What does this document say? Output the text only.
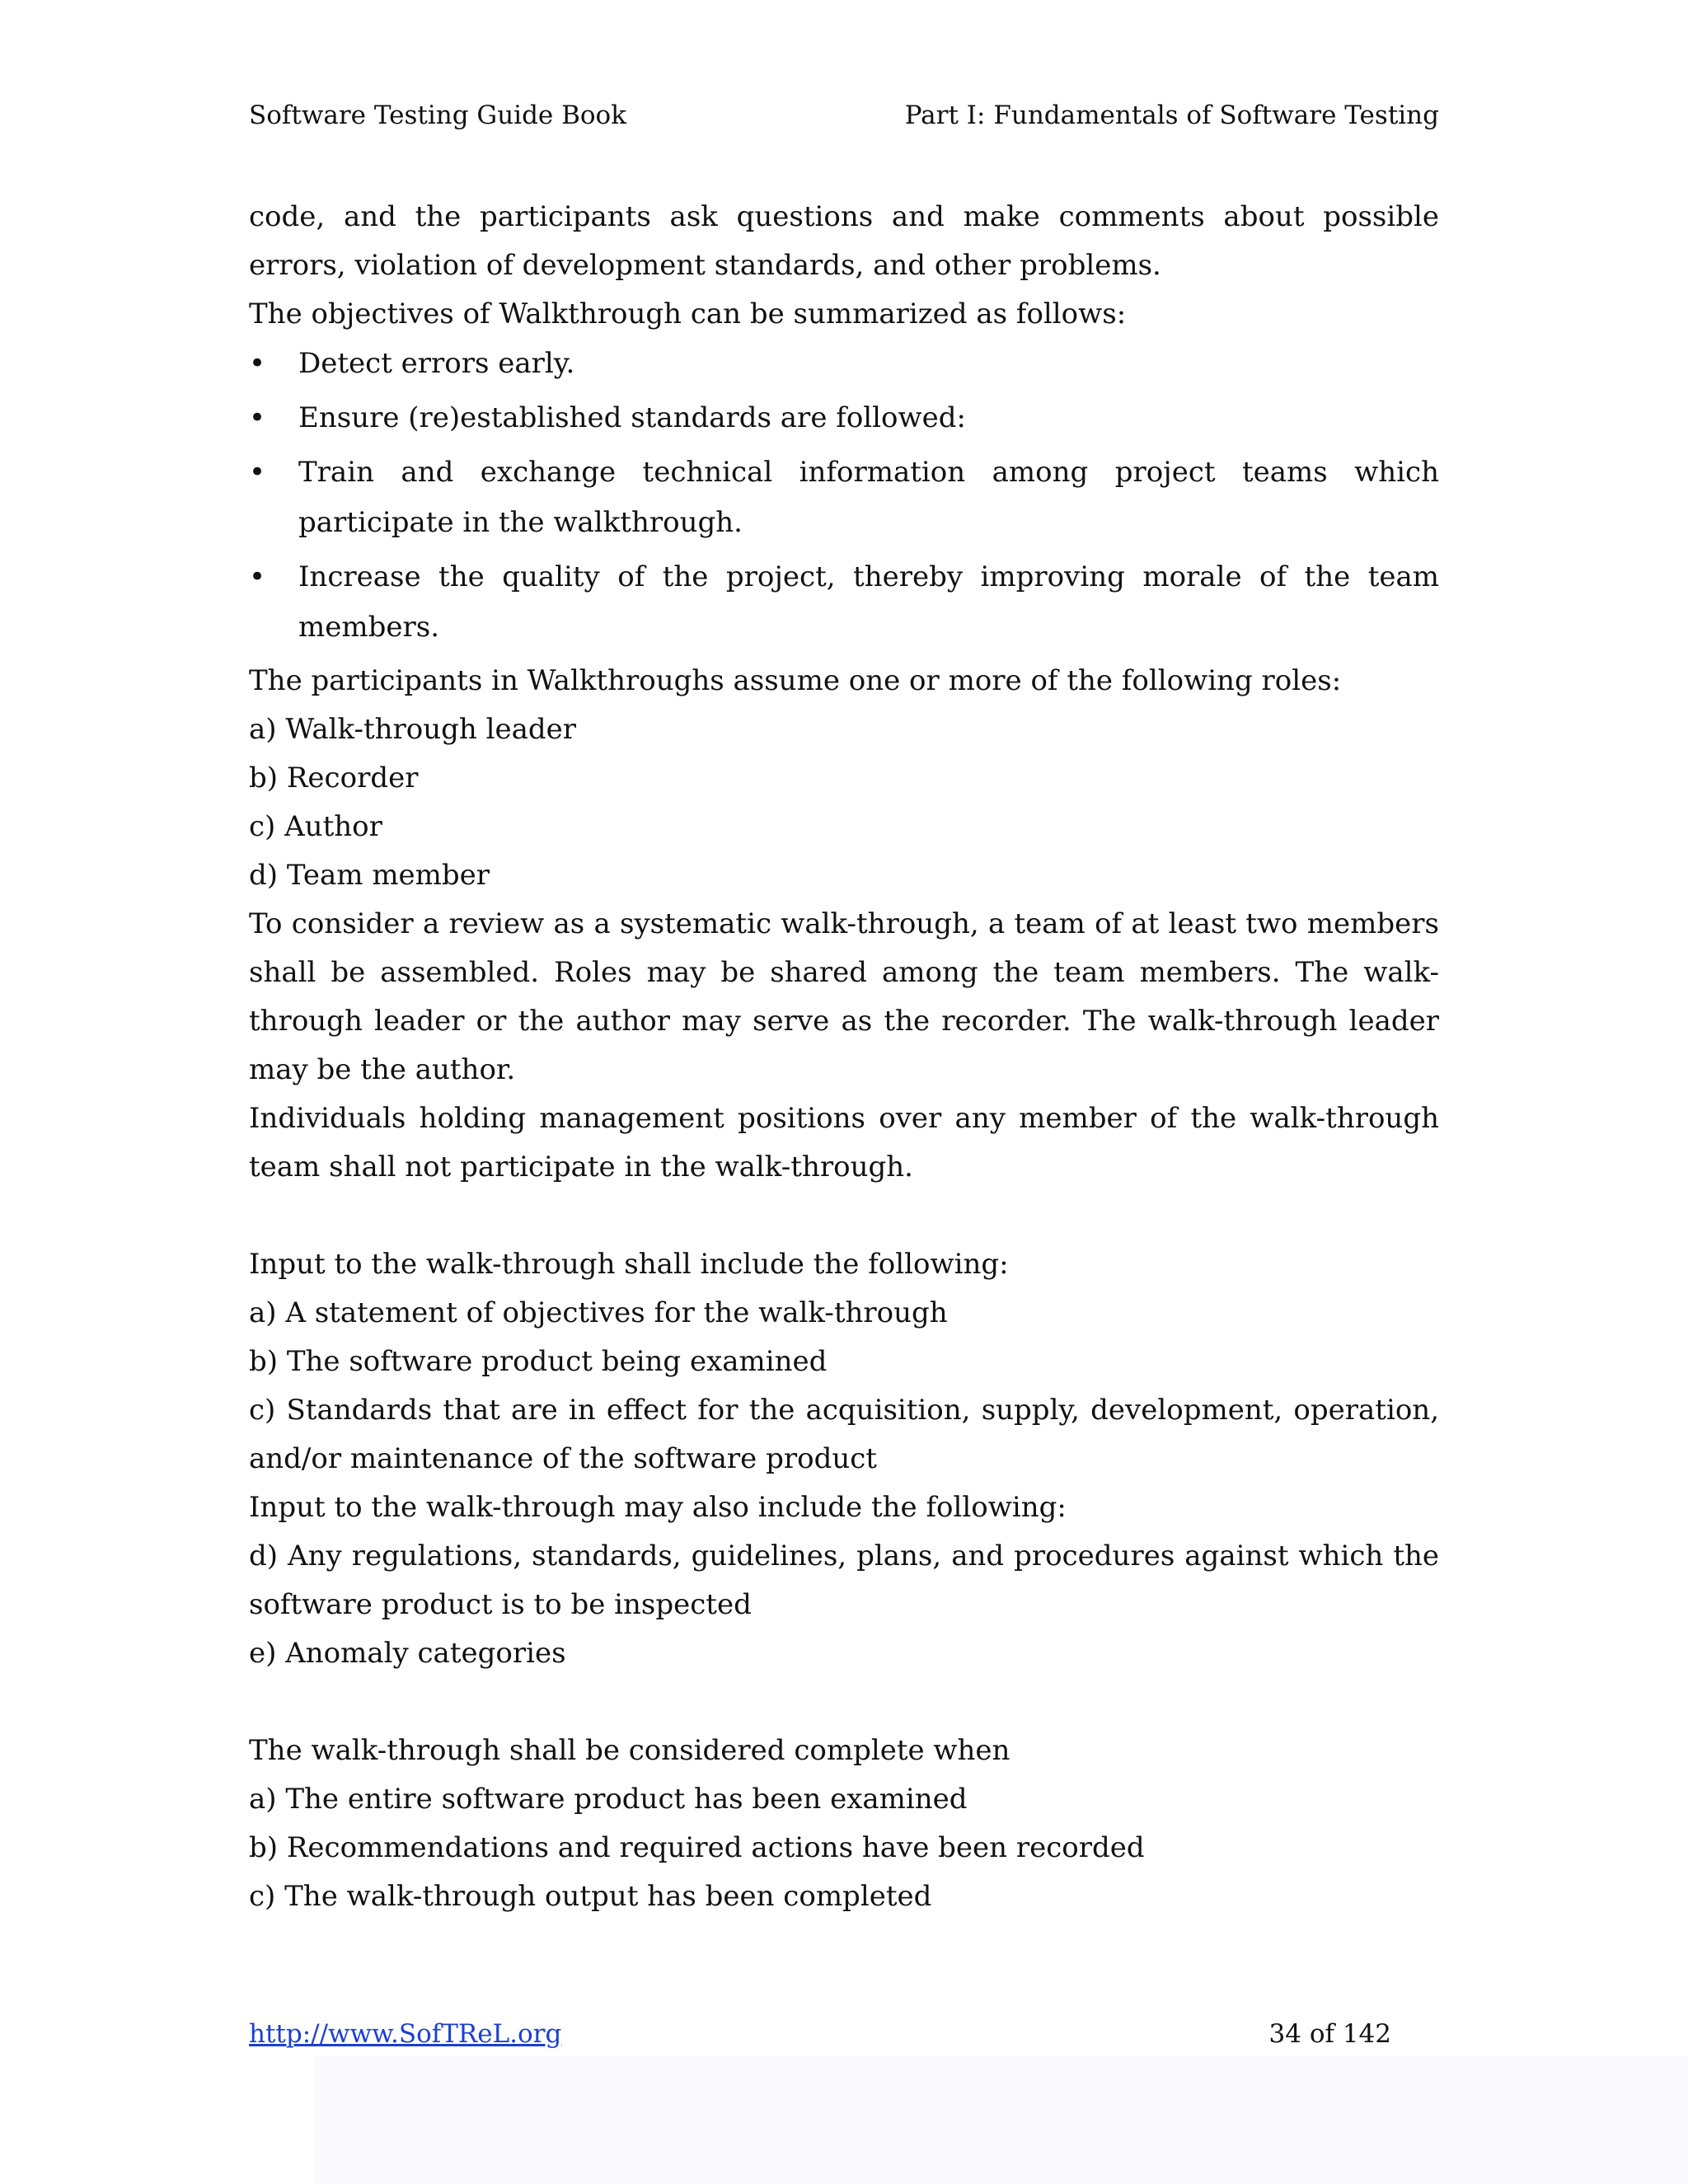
Software Testing Guide Book	Part I: Fundamentals of Software Testing

code, and the participants ask questions and make comments about possible errors, violation of development standards, and other problems.

The objectives of Walkthrough can be summarized as follows:

• Detect errors early.
• Ensure (re)established standards are followed:
• Train and exchange technical information among project teams which participate in the walkthrough.
• Increase the quality of the project, thereby improving morale of the team members.

The participants in Walkthroughs assume one or more of the following roles:

a) Walk-through leader

b) Recorder

c) Author

d) Team member

To consider a review as a systematic walk-through, a team of at least two members shall be assembled. Roles may be shared among the team members. The walk-through leader or the author may serve as the recorder. The walk-through leader may be the author.

Individuals holding management positions over any member of the walk-through team shall not participate in the walk-through.

Input to the walk-through shall include the following:

a) A statement of objectives for the walk-through

b) The software product being examined

c) Standards that are in effect for the acquisition, supply, development, operation, and/or maintenance of the software product

Input to the walk-through may also include the following:

d) Any regulations, standards, guidelines, plans, and procedures against which the software product is to be inspected

e) Anomaly categories

The walk-through shall be considered complete when

a) The entire software product has been examined

b) Recommendations and required actions have been recorded

c) The walk-through output has been completed

http://www.SofTReL.org	34 of 142
